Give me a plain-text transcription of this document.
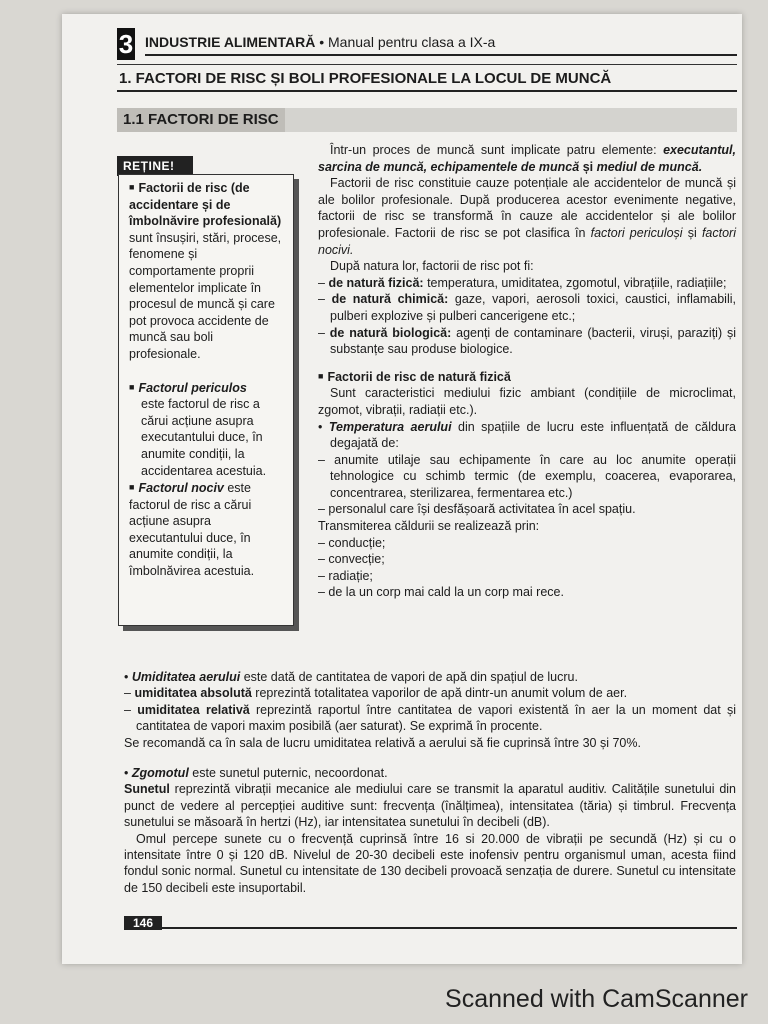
3 INDUSTRIE ALIMENTARĂ • Manual pentru clasa a IX-a
1. FACTORI DE RISC ȘI BOLI PROFESIONALE LA LOCUL DE MUNCĂ
1.1 FACTORI DE RISC
REȚINE!

■ Factorii de risc (de accidentare și de îmbolnăvire profesională)
sunt însușiri, stări, procese, fenomene și comportamente proprii elementelor implicate în procesul de muncă și care pot provoca accidente de muncă sau boli profesionale.

■ Factorul periculos
este factorul de risc a cărui acțiune asupra executantului duce, în anumite condiții, la accidentarea acestuia.

■ Factorul nociv este factorul de risc a cărui acțiune asupra executantului duce, în anumite condiții, la îmbolnăvirea acestuia.

Într-un proces de muncă sunt implicate patru elemente: executantul, sarcina de muncă, echipamentele de muncă și mediul de muncă.

Factorii de risc constituie cauze potențiale ale accidentelor de muncă și ale bolilor profesionale. După producerea acestor evenimente negative, factorii de risc se transformă în cauze ale accidentelor și ale bolilor profesionale. Factorii de risc se pot clasifica în factori periculoși și factori nocivi.

După natura lor, factorii de risc pot fi:

– de natură fizică: temperatura, umiditatea, zgomotul, vibrațiile, radiațiile;

– de natură chimică: gaze, vapori, aerosoli toxici, caustici, inflamabili, pulberi explozive și pulberi cancerigene etc.;

– de natură biologică: agenți de contaminare (bacterii, viruși, paraziți) și substanțe sau produse biologice.

■ Factorii de risc de natură fizică

Sunt caracteristici mediului fizic ambiant (condițiile de microclimat, zgomot, vibrații, radiații etc.).

• Temperatura aerului din spațiile de lucru este influențată de căldura degajată de:

– anumite utilaje sau echipamente în care au loc anumite operații tehnologice cu schimb termic (de exemplu, coacerea, evaporarea, concentrarea, sterilizarea, fermentarea etc.)

– personalul care își desfășoară activitatea în acel spațiu.

Transmiterea căldurii se realizează prin:

– conducție;

– convecție;

– radiație;

– de la un corp mai cald la un corp mai rece.

• Umiditatea aerului este dată de cantitatea de vapori de apă din spațiul de lucru.

– umiditatea absolută reprezintă totalitatea vaporilor de apă dintr-un anumit volum de aer.

– umiditatea relativă reprezintă raportul între cantitatea de vapori existentă în aer la un moment dat și cantitatea de vapori maxim posibilă (aer saturat). Se exprimă în procente.

Se recomandă ca în sala de lucru umiditatea relativă a aerului să fie cuprinsă între 30 și 70%.

• Zgomotul este sunetul puternic, necoordonat.

Sunetul reprezintă vibrații mecanice ale mediului care se transmit la aparatul auditiv. Calitățile sunetului din punct de vedere al percepției auditive sunt: frecvența (înălțimea), intensitatea (tăria) și timbrul. Frecvența sunetului se măsoară în hertzi (Hz), iar intensitatea sunetului în decibeli (dB).

Omul percepe sunete cu o frecvență cuprinsă între 16 si 20.000 de vibrații pe secundă (Hz) și cu o intensitate între 0 și 120 dB. Nivelul de 20-30 decibeli este inofensiv pentru organismul uman, acesta fiind fondul sonic normal. Sunetul cu intensitate de 130 decibeli provoacă senzația de durere. Sunetul cu intensitate de 150 decibeli este insuportabil.

146
Scanned with CamScanner
